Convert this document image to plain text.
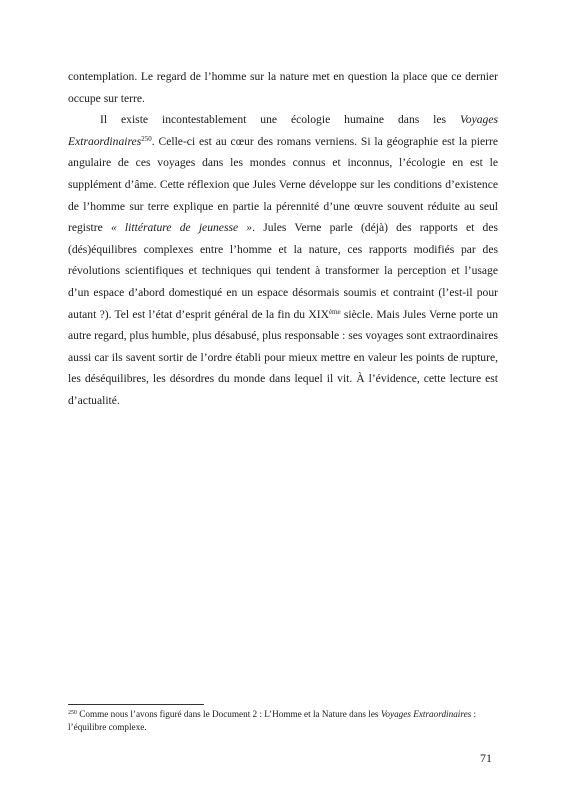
contemplation. Le regard de l’homme sur la nature met en question la place que ce dernier occupe sur terre.

Il existe incontestablement une écologie humaine dans les Voyages Extraordinaires$^{250}$. Celle-ci est au cœur des romans verniens. Si la géographie est la pierre angulaire de ces voyages dans les mondes connus et inconnus, l’écologie en est le supplément d’âme. Cette réflexion que Jules Verne développe sur les conditions d’existence de l’homme sur terre explique en partie la pérennité d’une œuvre souvent réduite au seul registre « littérature de jeunesse ». Jules Verne parle (déjà) des rapports et des (dés)équilibres complexes entre l’homme et la nature, ces rapports modifiés par des révolutions scientifiques et techniques qui tendent à transformer la perception et l’usage d’un espace d’abord domestiqué en un espace désormais soumis et contraint (l’est-il pour autant ?). Tel est l’état d’esprit général de la fin du XIXème siècle. Mais Jules Verne porte un autre regard, plus humble, plus désabusé, plus responsable : ses voyages sont extraordinaires aussi car ils savent sortir de l’ordre établi pour mieux mettre en valeur les points de rupture, les déséquilibres, les désordres du monde dans lequel il vit. À l’évidence, cette lecture est d’actualité.

$^{250}$ Comme nous l’avons figuré dans le Document 2 : L’Homme et la Nature dans les Voyages Extraordinaires : l’équilibre complexe.
71
